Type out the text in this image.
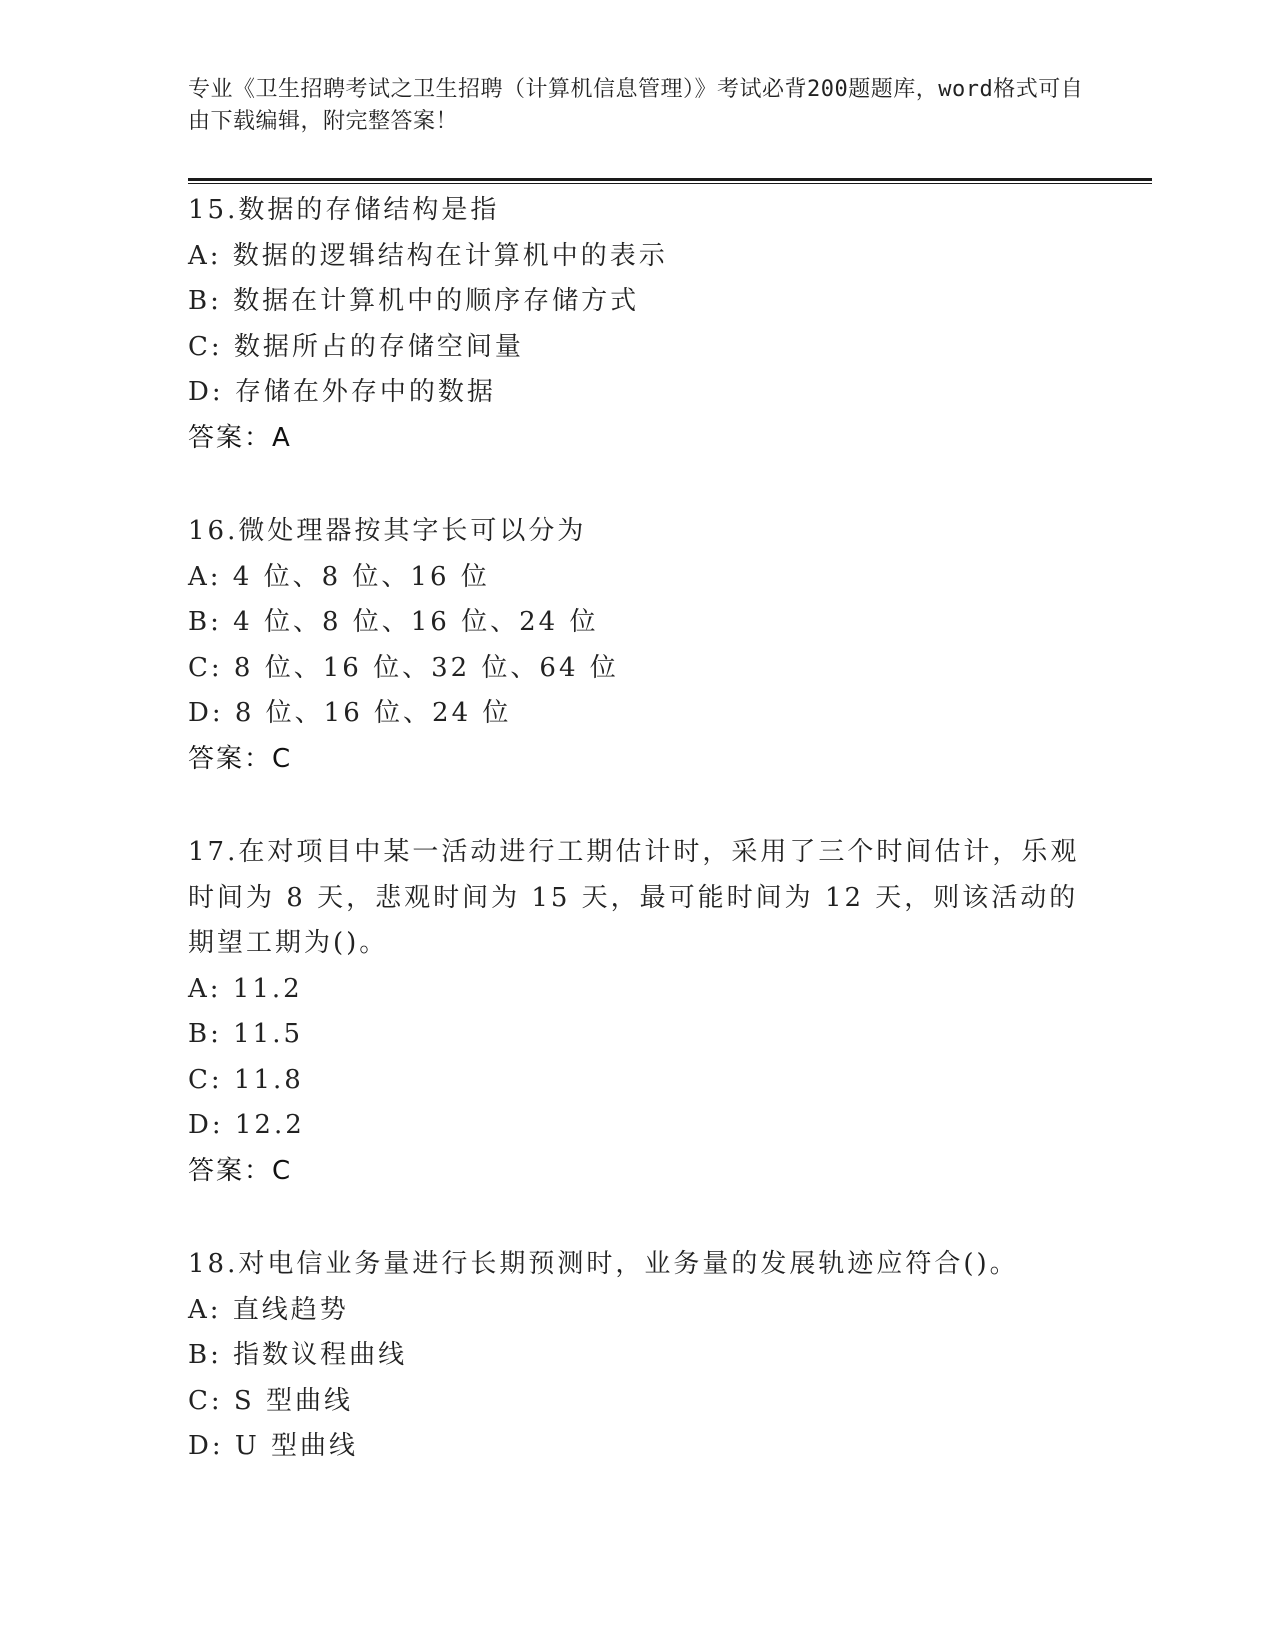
专业《卫生招聘考试之卫生招聘（计算机信息管理）》考试必背200题题库，word格式可自由下载编辑，附完整答案！
15.数据的存储结构是指
A: 数据的逻辑结构在计算机中的表示
B: 数据在计算机中的顺序存储方式
C: 数据所占的存储空间量
D: 存储在外存中的数据
答案：A
16.微处理器按其字长可以分为
A: 4 位、8 位、16 位
B: 4 位、8 位、16 位、24 位
C: 8 位、16 位、32 位、64 位
D: 8 位、16 位、24 位
答案：C
17.在对项目中某一活动进行工期估计时，采用了三个时间估计，乐观时间为 8 天，悲观时间为 15 天，最可能时间为 12 天，则该活动的期望工期为()。
A: 11.2
B: 11.5
C: 11.8
D: 12.2
答案：C
18.对电信业务量进行长期预测时，业务量的发展轨迹应符合()。
A: 直线趋势
B: 指数议程曲线
C: S 型曲线
D: U 型曲线
